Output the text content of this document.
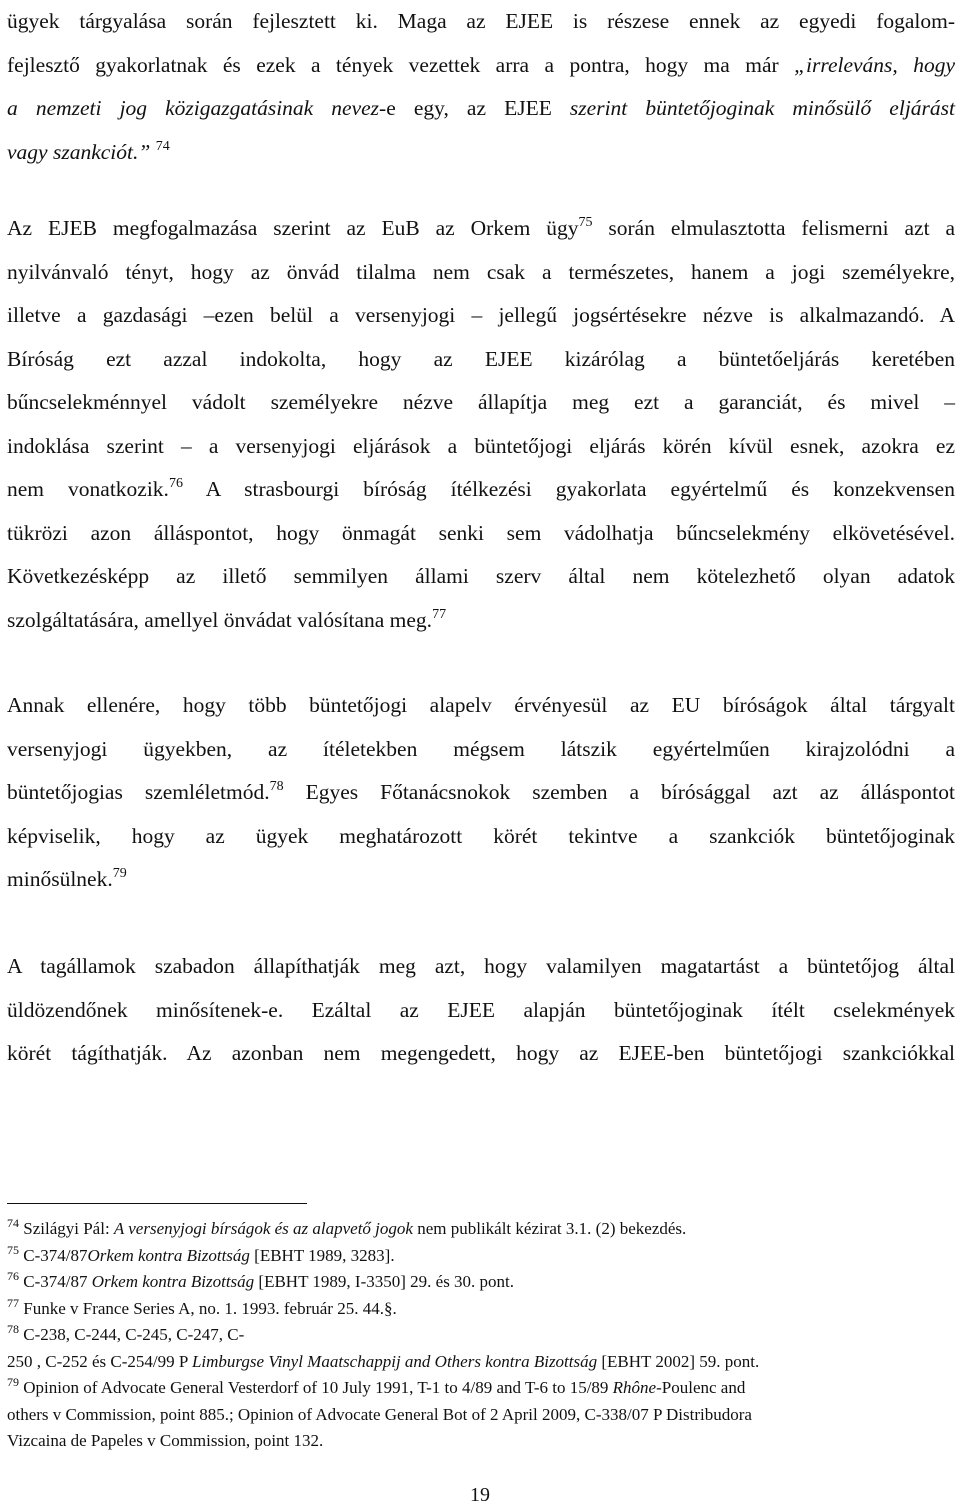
ügyek tárgyalása során fejlesztett ki. Maga az EJEE is részese ennek az egyedi fogalom-
fejlesztő gyakorlatnak és ezek a tények vezettek arra a pontra, hogy ma már „irreleváns, hogy
a nemzeti jog közigazgatásinak nevez-e egy, az EJEE szerint büntetőjoginak minősülő eljárást
vagy szankciót.” $^{74}$
Az EJEB megfogalmazása szerint az EuB az Orkem ügy$^{75}$ során elmulasztotta felismerni azt a
nyilvánvaló tényt, hogy az önvád tilalma nem csak a természetes, hanem a jogi személyekre,
illetve a gazdasági –ezen belül a versenyjogi – jellegű jogsértésekre nézve is alkalmazandó. A
Bíróság ezt azzal indokolta, hogy az EJEE kizárólag a büntetőeljárás keretében
bűncselekménnyel vádolt személyekre nézve állapítja meg ezt a garanciát, és mivel –
indoklása szerint – a versenyjogi eljárások a büntetőjogi eljárás körén kívül esnek, azokra ez
nem vonatkozik.$^{76}$ A strasbourgi bíróság ítélkezési gyakorlata egyértelmű és konzekvensen
tükrözi azon álláspontot, hogy önmagát senki sem vádolhatja bűncselekmény elkövetésével.
Következésképp az illető semmilyen állami szerv által nem kötelezhető olyan adatok
szolgáltatására, amellyel önvádat valósítana meg.$^{77}$
Annak ellenére, hogy több büntetőjogi alapelv érvényesül az EU bíróságok által tárgyalt
versenyjogi ügyekben, az ítéletekben mégsem látszik egyértelműen kirajzolódni a
büntetőjogias szemléletmód.$^{78}$ Egyes Főtanácsnokok szemben a bírósággal azt az álláspontot
képviselik, hogy az ügyek meghatározott körét tekintve a szankciók büntetőjoginak
minősülnek.$^{79}$
A tagállamok szabadon állapíthatják meg azt, hogy valamilyen magatartást a büntetőjog által
üldözendőnek minősítenek-e. Ezáltal az EJEE alapján büntetőjoginak ítélt cselekmények
körét tágíthatják. Az azonban nem megengedett, hogy az EJEE-ben büntetőjogi szankciókkal
$^{74}$ Szilágyi Pál: A versenyjogi bírságok és az alapvető jogok nem publikált kézirat 3.1. (2) bekezdés.
$^{75}$ C-374/87Orkem kontra Bizottság [EBHT 1989, 3283].
$^{76}$ C-374/87 Orkem kontra Bizottság [EBHT 1989, I-3350] 29. és 30. pont.
$^{77}$ Funke v France Series A, no. 1. 1993. február 25. 44.§.
$^{78}$ C-238, C-244, C-245, C-247, C-
250 , C-252 és C-254/99 P Limburgse Vinyl Maatschappij and Others kontra Bizottság [EBHT 2002] 59. pont.
$^{79}$ Opinion of Advocate General Vesterdorf of 10 July 1991, T-1 to 4/89 and T-6 to 15/89 Rhône-Poulenc and
others v Commission, point 885.; Opinion of Advocate General Bot of 2 April 2009, C-338/07 P Distribudora
Vizcaina de Papeles v Commission, point 132.
19
